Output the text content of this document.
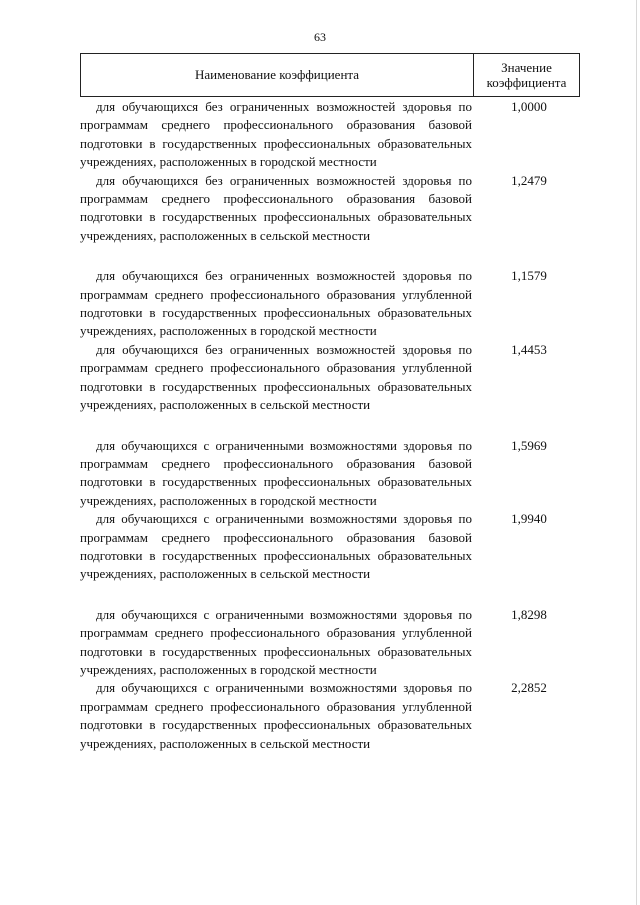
63
Наименование коэффициента	Значение
коэффициента
для обучающихся без ограниченных возможностей здоровья по программам среднего профессионального образования базовой подготовки в государственных профессиональных образовательных учреждениях, расположенных в городской местности
1,0000
для обучающихся без ограниченных возможностей здоровья по программам среднего профессионального образования базовой подготовки в государственных профессиональных образовательных учреждениях, расположенных в сельской местности
1,2479
для обучающихся без ограниченных возможностей здоровья по программам среднего профессионального образования углубленной подготовки в государственных профессиональных образовательных учреждениях, расположенных в городской местности
1,1579
для обучающихся без ограниченных возможностей здоровья по программам среднего профессионального образования углубленной подготовки в государственных профессиональных образовательных учреждениях, расположенных в сельской местности
1,4453
для обучающихся с ограниченными возможностями здоровья по программам среднего профессионального образования базовой подготовки в государственных профессиональных образовательных учреждениях, расположенных в городской местности
1,5969
для обучающихся с ограниченными возможностями здоровья по программам среднего профессионального образования базовой подготовки в государственных профессиональных образовательных учреждениях, расположенных в сельской местности
1,9940
для обучающихся с ограниченными возможностями здоровья по программам среднего профессионального образования углубленной подготовки в государственных профессиональных образовательных учреждениях, расположенных в городской местности
1,8298
для обучающихся с ограниченными возможностями здоровья по программам среднего профессионального образования углубленной подготовки в государственных профессиональных образовательных учреждениях, расположенных в сельской местности
2,2852
